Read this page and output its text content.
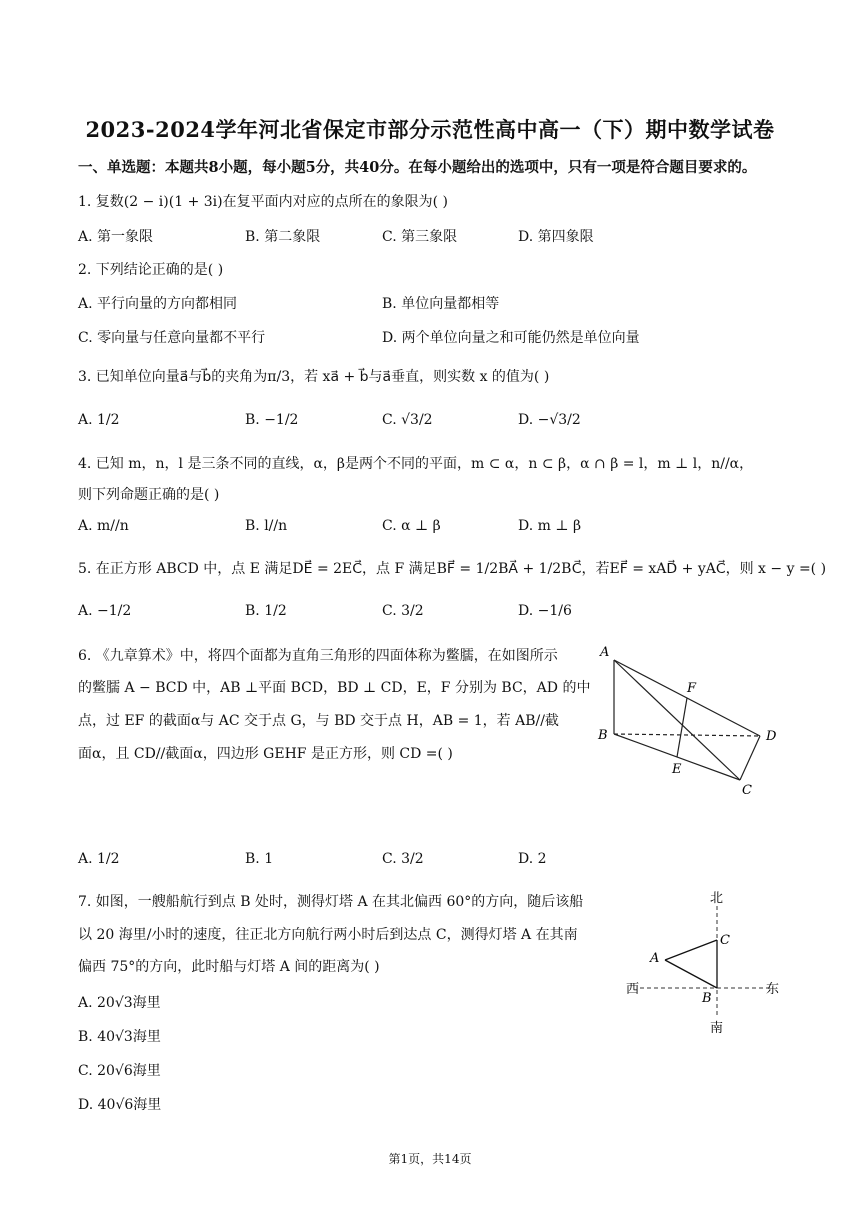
2023-2024学年河北省保定市部分示范性高中高一（下）期中数学试卷
一、单选题：本题共8小题，每小题5分，共40分。在每小题给出的选项中，只有一项是符合题目要求的。
1. 复数(2 − i)(1 + 3i)在复平面内对应的点所在的象限为( )
A. 第一象限	B. 第二象限	C. 第三象限	D. 第四象限
2. 下列结论正确的是( )
A. 平行向量的方向都相同	B. 单位向量都相等
C. 零向量与任意向量都不平行	D. 两个单位向量之和可能仍然是单位向量
3. 已知单位向量a⃗与b⃗的夹角为π/3，若 xa⃗ + b⃗与a⃗垂直，则实数 x 的值为( )
A. 1/2	B. −1/2	C. √3/2	D. −√3/2
4. 已知 m，n，l 是三条不同的直线，α，β是两个不同的平面，m ⊂ α，n ⊂ β，α ∩ β = l，m ⊥ l，n//α，
则下列命题正确的是( )
A. m//n	B. l//n	C. α ⊥ β	D. m ⊥ β
5. 在正方形 ABCD 中，点 E 满足DE⃗ = 2EC⃗，点 F 满足BF⃗ = 1/2BA⃗ + 1/2BC⃗，若EF⃗ = xAD⃗ + yAC⃗，则 x − y =( )
A. −1/2	B. 1/2	C. 3/2	D. −1/6
6. 《九章算术》中，将四个面都为直角三角形的四面体称为鳖臑，在如图所示
的鳖臑 A − BCD 中，AB ⊥平面 BCD，BD ⊥ CD，E，F 分别为 BC，AD 的中
点，过 EF 的截面α与 AC 交于点 G，与 BD 交于点 H，AB = 1，若 AB//截
面α，且 CD//截面α，四边形 GEHF 是正方形，则 CD =( )
A
F
B	D
E
C
A. 1/2	B. 1	C. 3/2	D. 2
7. 如图，一艘船航行到点 B 处时，测得灯塔 A 在其北偏西 60°的方向，随后该船
以 20 海里/小时的速度，往正北方向航行两小时后到达点 C，测得灯塔 A 在其南
偏西 75°的方向，此时船与灯塔 A 间的距离为( )
A. 20√3海里
B. 40√3海里
C. 20√6海里
D. 40√6海里
北
C
A
西
B
东
南
第1页，共14页
